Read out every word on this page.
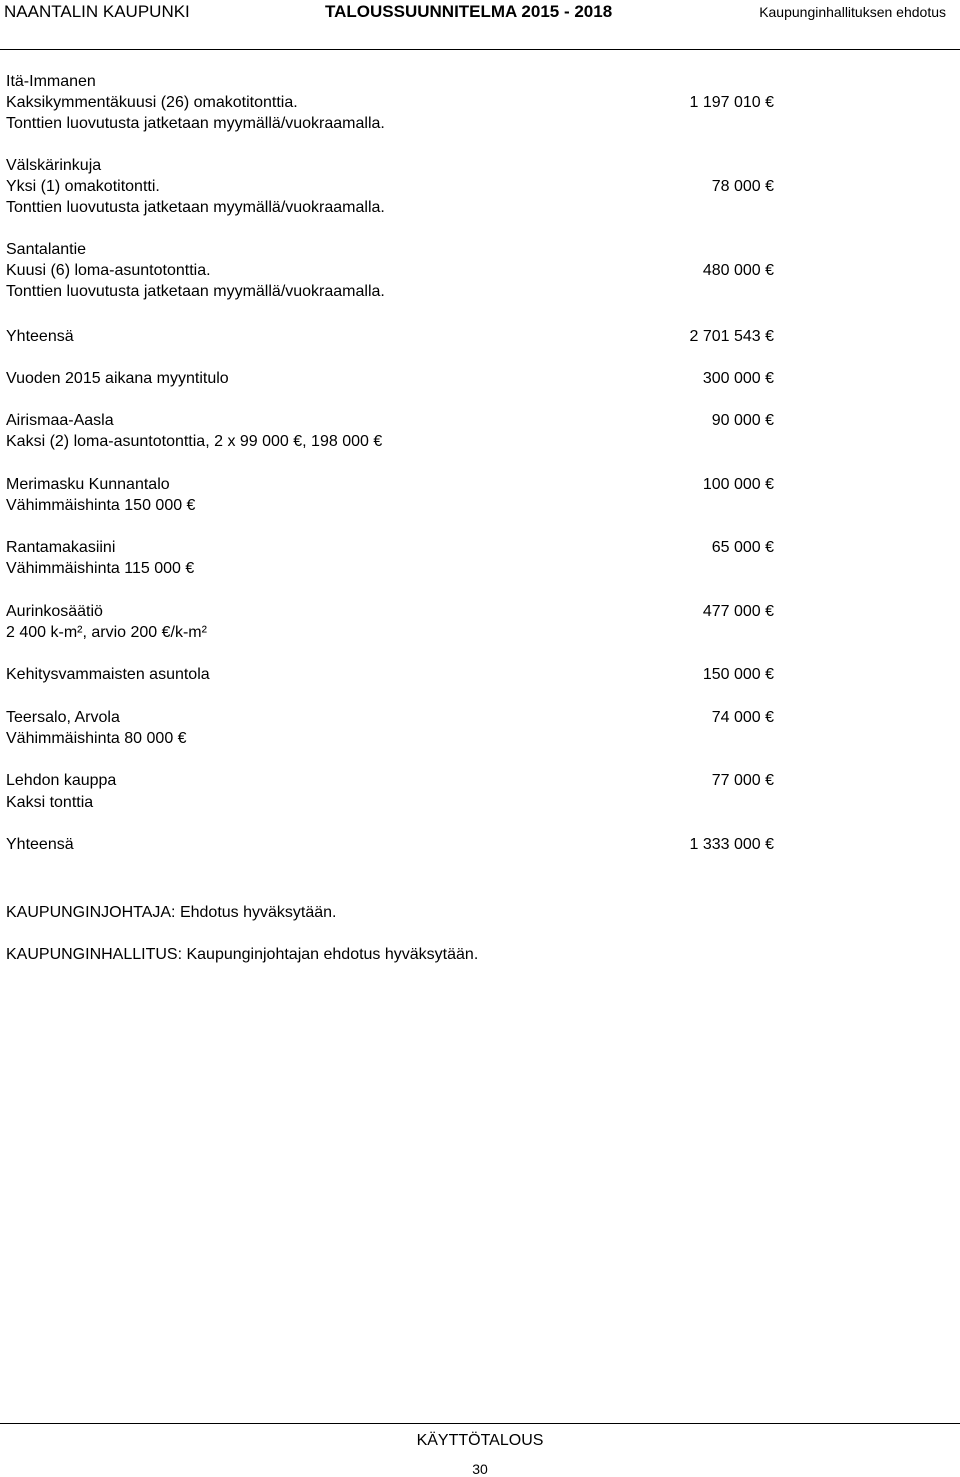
NAANTALIN KAUPUNKI	TALOUSSUUNNITELMA 2015 - 2018	Kaupunginhallituksen ehdotus
Itä-Immanen
Kaksikymmentäkuusi (26) omakotitonttia.	1 197 010 €
Tonttien luovutusta jatketaan myymällä/vuokraamalla.
Välskärinkuja
Yksi (1) omakotitontti.	78 000 €
Tonttien luovutusta jatketaan myymällä/vuokraamalla.
Santalantie
Kuusi (6) loma-asuntotonttia.	480 000 €
Tonttien luovutusta jatketaan myymällä/vuokraamalla.
Yhteensä	2 701 543 €
Vuoden 2015 aikana myyntitulo	300 000 €
Airismaa-Aasla	90 000 €
Kaksi (2) loma-asuntotonttia, 2 x 99 000 €, 198 000 €
Merimasku Kunnantalo	100 000 €
Vähimmäishinta 150 000 €
Rantamakasiini	65 000 €
Vähimmäishinta 115 000 €
Aurinkosäätiö	477 000 €
2 400 k-m², arvio 200 €/k-m²
Kehitysvammaisten asuntola	150 000 €
Teersalo, Arvola	74 000 €
Vähimmäishinta 80 000 €
Lehdon kauppa	77 000 €
Kaksi tonttia
Yhteensä	1 333 000 €
KAUPUNGINJOHTAJA: Ehdotus hyväksytään.
KAUPUNGINHALLITUS: Kaupunginjohtajan ehdotus hyväksytään.
KÄYTTÖTALOUS
30
